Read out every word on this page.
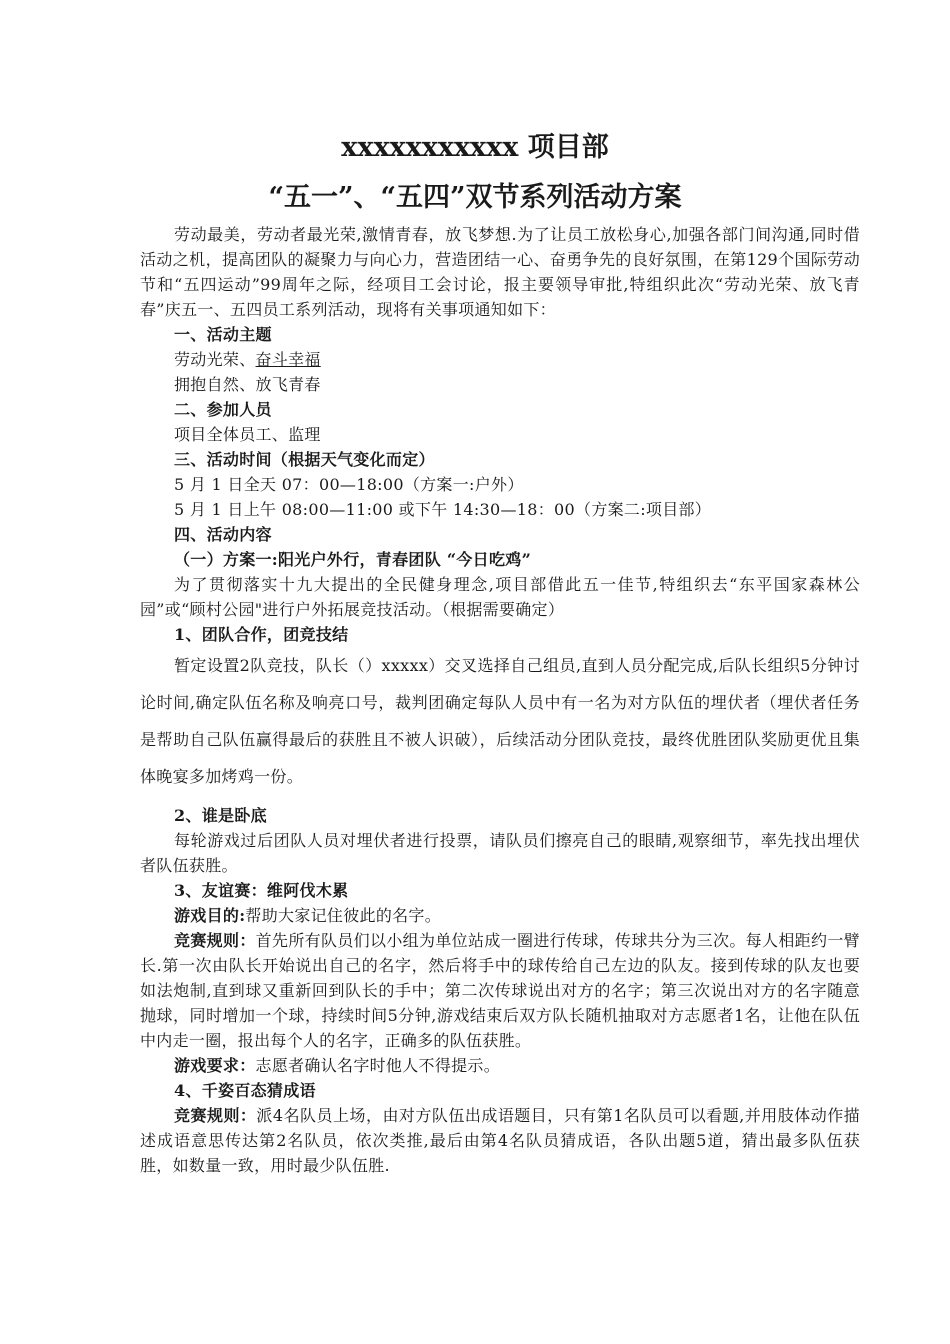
xxxxxxxxxxx 项目部
“五一”、“五四”双节系列活动方案

劳动最美，劳动者最光荣,激情青春，放飞梦想.为了让员工放松身心,加强各部门间沟通,同时借活动之机，提高团队的凝聚力与向心力，营造团结一心、奋勇争先的良好氛围，在第129个国际劳动节和“五四运动”99周年之际，经项目工会讨论，报主要领导审批,特组织此次“劳动光荣、放飞青春”庆五一、五四员工系列活动，现将有关事项通知如下：

一、活动主题

劳动光荣、奋斗幸福

拥抱自然、放飞青春

二、参加人员

项目全体员工、监理

三、活动时间（根据天气变化而定）

5 月 1 日全天 07：00—18:00（方案一:户外）

5 月 1 日上午 08:00—11:00 或下午 14:30—18：00（方案二:项目部）

四、活动内容

（一）方案一:阳光户外行，青春团队 “今日吃鸡”

为了贯彻落实十九大提出的全民健身理念,项目部借此五一佳节,特组织去“东平国家森林公园”或“顾村公园"进行户外拓展竞技活动。（根据需要确定）

1、团队合作，团竞技结

暂定设置2队竞技，队长（）xxxxx）交叉选择自己组员,直到人员分配完成,后队长组织5分钟讨论时间,确定队伍名称及响亮口号，裁判团确定每队人员中有一名为对方队伍的埋伏者（埋伏者任务是帮助自己队伍赢得最后的获胜且不被人识破），后续活动分团队竞技，最终优胜团队奖励更优且集体晚宴多加烤鸡一份。

2、谁是卧底

每轮游戏过后团队人员对埋伏者进行投票，请队员们擦亮自己的眼睛,观察细节，率先找出埋伏者队伍获胜。

3、友谊赛：维阿伐木累

游戏目的:帮助大家记住彼此的名字。

竞赛规则：首先所有队员们以小组为单位站成一圈进行传球，传球共分为三次。每人相距约一臂长.第一次由队长开始说出自己的名字，然后将手中的球传给自己左边的队友。接到传球的队友也要如法炮制,直到球又重新回到队长的手中；第二次传球说出对方的名字；第三次说出对方的名字随意抛球，同时增加一个球，持续时间5分钟,游戏结束后双方队长随机抽取对方志愿者1名，让他在队伍中内走一圈，报出每个人的名字，正确多的队伍获胜。

游戏要求：志愿者确认名字时他人不得提示。

4、千姿百态猜成语

竞赛规则：派4名队员上场，由对方队伍出成语题目，只有第1名队员可以看题,并用肢体动作描述成语意思传达第2名队员，依次类推,最后由第4名队员猜成语，各队出题5道，猜出最多队伍获胜，如数量一致，用时最少队伍胜.
